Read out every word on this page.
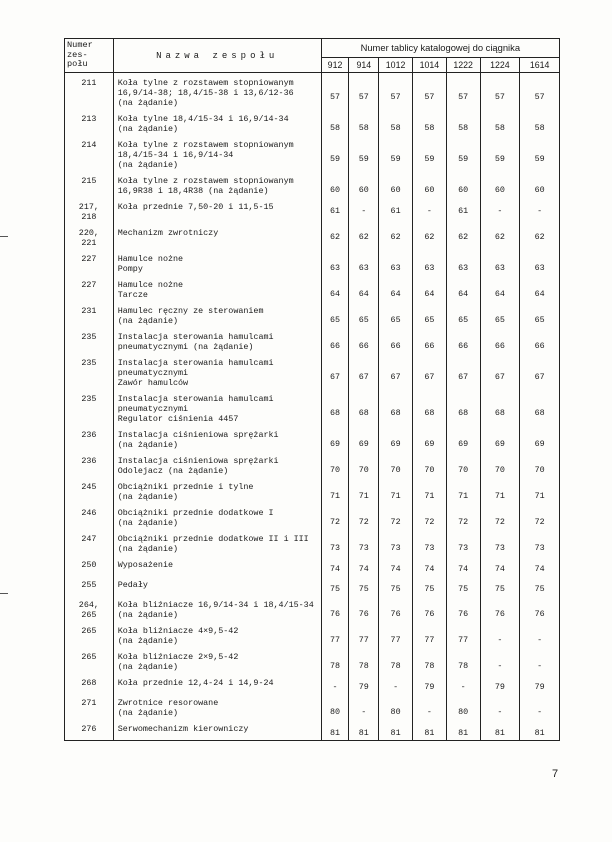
Numer
zes-
połu	Nazwa zespołu	Numer tablicy katalogowej do ciągnika						
		912	914	1012	1014	1222	1224	1614
211	Koła tylne z rozstawem stopniowanym
16,9/14-38; 18,4/15-38 i 13,6/12-36
(na żądanie)	57	57	57	57	57	57	57

213	Koła tylne 18,4/15-34 i 16,9/14-34
(na żądanie)	58	58	58	58	58	58	58

214	Koła tylne z rozstawem stopniowanym
18,4/15-34 i 16,9/14-34
(na żądanie)	59	59	59	59	59	59	59

215	Koła tylne z rozstawem stopniowanym
16,9R38 i 18,4R38 (na żądanie)	60	60	60	60	60	60	60

217,
218	Koła przednie 7,50-20 i 11,5-15	61	-	61	-	61	-	-

220,
221	Mechanizm zwrotniczy	62	62	62	62	62	62	62

227	Hamulce nożne
Pompy	63	63	63	63	63	63	63

227	Hamulce nożne
Tarcze	64	64	64	64	64	64	64

231	Hamulec ręczny ze sterowaniem
(na żądanie)	65	65	65	65	65	65	65

235	Instalacja sterowania hamulcami
pneumatycznymi (na żądanie)	66	66	66	66	66	66	66

235	Instalacja sterowania hamulcami
pneumatycznymi
Zawór hamulców	67	67	67	67	67	67	67

235	Instalacja sterowania hamulcami
pneumatycznymi
Regulator ciśnienia 4457	68	68	68	68	68	68	68

236	Instalacja ciśnieniowa sprężarki
(na żądanie)	69	69	69	69	69	69	69

236	Instalacja ciśnieniowa sprężarki
Odolejacz (na żądanie)	70	70	70	70	70	70	70

245	Obciążniki przednie i tylne
(na żądanie)	71	71	71	71	71	71	71

246	Obciążniki przednie dodatkowe I
(na żądanie)	72	72	72	72	72	72	72

247	Obciążniki przednie dodatkowe II i III
(na żądanie)	73	73	73	73	73	73	73

250	Wyposażenie	74	74	74	74	74	74	74

255	Pedały	75	75	75	75	75	75	75

264,
265	Koła bliźniacze 16,9/14-34 i 18,4/15-34
(na żądanie)	76	76	76	76	76	76	76

265	Koła bliźniacze 4×9,5-42
(na żądanie)	77	77	77	77	77	-	-

265	Koła bliźniacze 2×9,5-42
(na żądanie)	78	78	78	78	78	-	-

268	Koła przednie 12,4-24 i 14,9-24	-	79	-	79	-	79	79

271	Zwrotnice resorowane
(na żądanie)	80	-	80	-	80	-	-

276	Serwomechanizm kierowniczy	81	81	81	81	81	81	81
7
